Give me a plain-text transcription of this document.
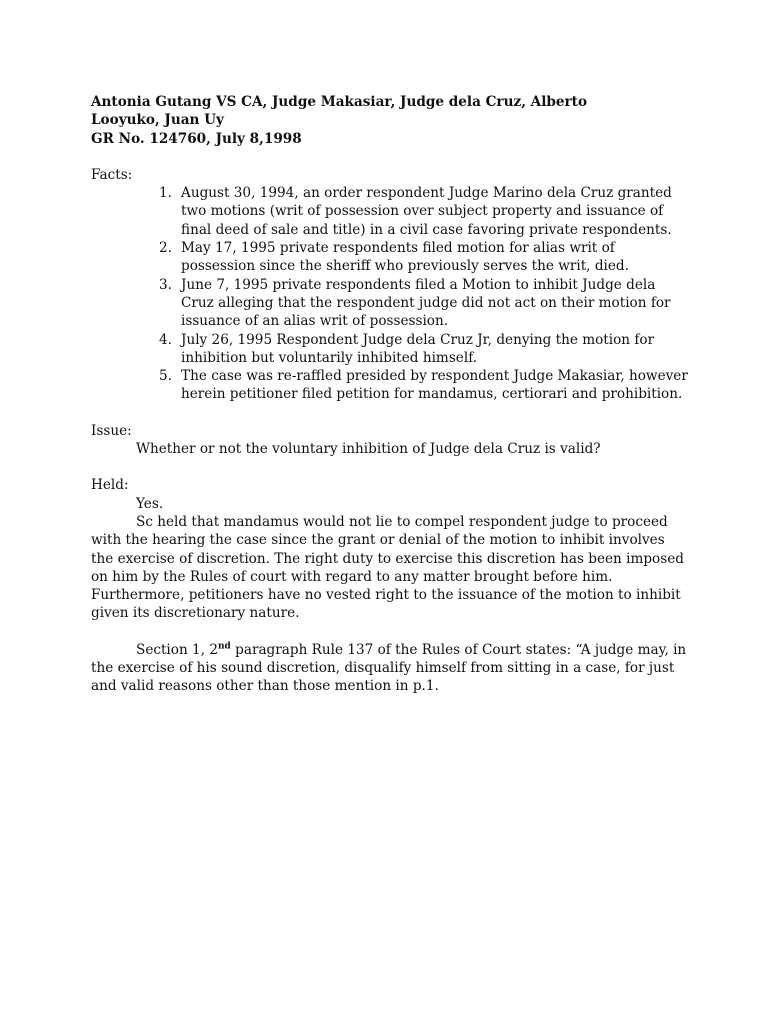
Antonia Gutang VS CA, Judge Makasiar, Judge dela Cruz, Alberto
Looyuko, Juan Uy
GR No. 124760, July 8,1998
Facts:
1. August 30, 1994, an order respondent Judge Marino dela Cruz granted two motions (writ of possession over subject property and issuance of final deed of sale and title) in a civil case favoring private respondents.
2. May 17, 1995 private respondents filed motion for alias writ of possession since the sheriff who previously serves the writ, died.
3. June 7, 1995 private respondents filed a Motion to inhibit Judge dela Cruz alleging that the respondent judge did not act on their motion for issuance of an alias writ of possession.
4. July 26, 1995 Respondent Judge dela Cruz Jr, denying the motion for inhibition but voluntarily inhibited himself.
5. The case was re-raffled presided by respondent Judge Makasiar, however herein petitioner filed petition for mandamus, certiorari and prohibition.
Issue:
Whether or not the voluntary inhibition of Judge dela Cruz is valid?
Held:
Yes.

Sc held that mandamus would not lie to compel respondent judge to proceed with the hearing the case since the grant or denial of the motion to inhibit involves the exercise of discretion. The right duty to exercise this discretion has been imposed on him by the Rules of court with regard to any matter brought before him. Furthermore, petitioners have no vested right to the issuance of the motion to inhibit given its discretionary nature.

Section 1, 2nd paragraph Rule 137 of the Rules of Court states: “A judge may, in the exercise of his sound discretion, disqualify himself from sitting in a case, for just and valid reasons other than those mention in p.1.
